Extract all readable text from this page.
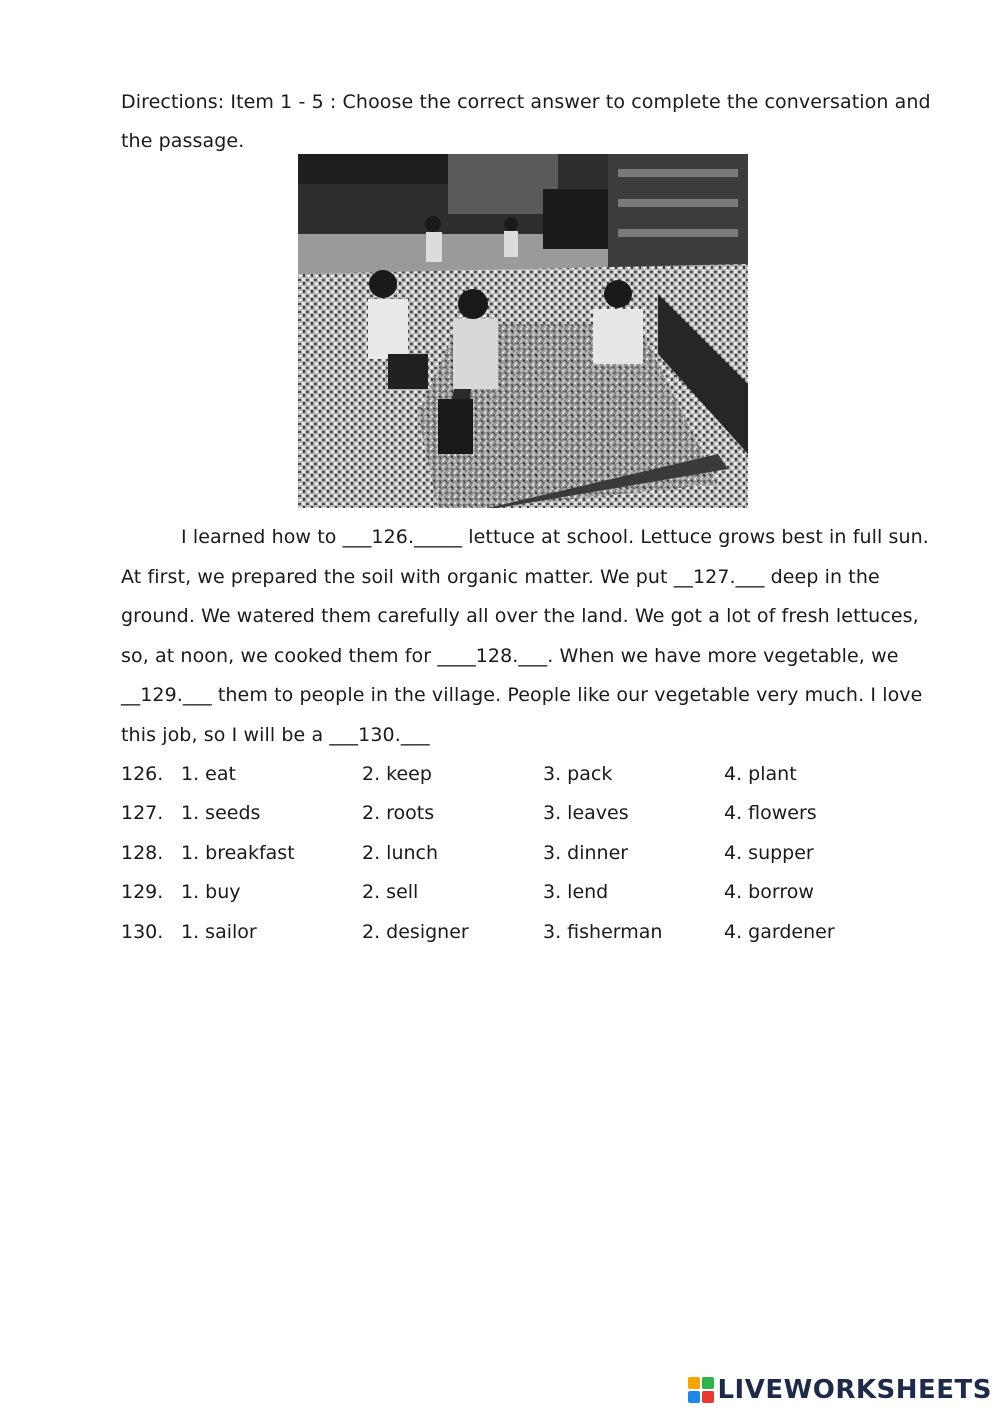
Directions: Item 1 - 5 : Choose the correct answer to complete the conversation and
the passage.
I learned how to ___126._____ lettuce at school. Lettuce grows best in full sun.
At first, we prepared the soil with organic matter. We put __127.___ deep in the
ground. We watered them carefully all over the land. We got a lot of fresh lettuces,
so, at noon, we cooked them for ____128.___. When we have more vegetable, we
__129.___ them to people in the village. People like our vegetable very much. I love
this job, so I will be a ___130.___
126. 1. eat	2. keep	3. pack	4. plant
127. 1. seeds	2. roots	3. leaves	4. flowers
128. 1. breakfast	2. lunch	3. dinner	4. supper
129. 1. buy	2. sell	3. lend	4. borrow
130. 1. sailor	2. designer	3. fisherman	4. gardener
LIVEWORKSHEETS
